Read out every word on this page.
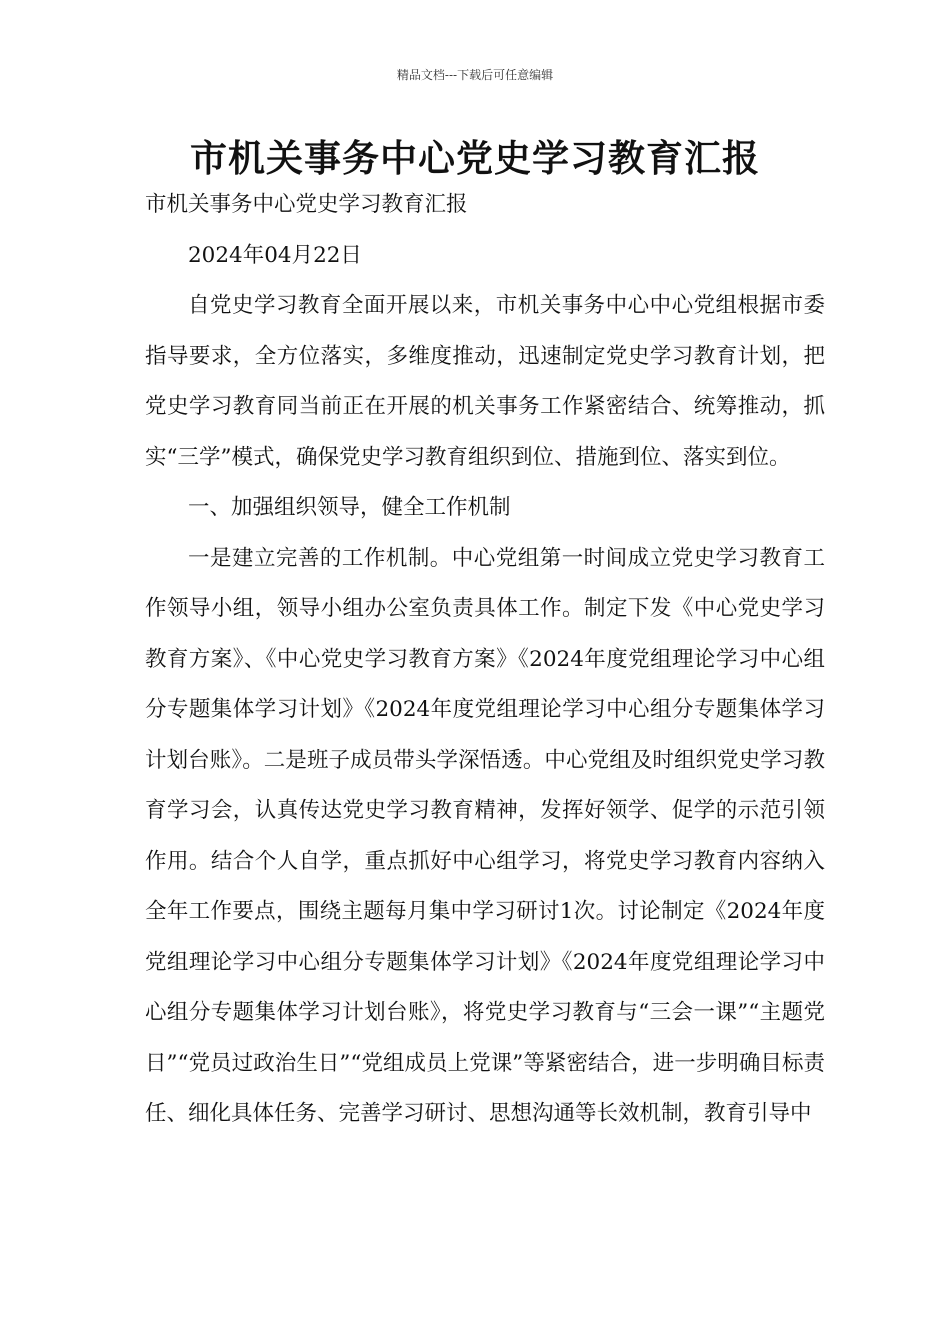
精品文档---下载后可任意编辑
市机关事务中心党史学习教育汇报

市机关事务中心党史学习教育汇报

2024年04月22日

自党史学习教育全面开展以来，市机关事务中心中心党组根据市委指导要求，全方位落实，多维度推动，迅速制定党史学习教育计划，把党史学习教育同当前正在开展的机关事务工作紧密结合、统筹推动，抓实“三学”模式，确保党史学习教育组织到位、措施到位、落实到位。

一、加强组织领导，健全工作机制

一是建立完善的工作机制。中心党组第一时间成立党史学习教育工作领导小组，领导小组办公室负责具体工作。制定下发《中心党史学习教育方案》、《中心党史学习教育方案》《2024年度党组理论学习中心组分专题集体学习计划》《2024年度党组理论学习中心组分专题集体学习计划台账》。二是班子成员带头学深悟透。中心党组及时组织党史学习教育学习会，认真传达党史学习教育精神，发挥好领学、促学的示范引领作用。结合个人自学，重点抓好中心组学习，将党史学习教育内容纳入全年工作要点，围绕主题每月集中学习研讨1次。讨论制定《2024年度党组理论学习中心组分专题集体学习计划》《2024年度党组理论学习中心组分专题集体学习计划台账》，将党史学习教育与“三会一课”“主题党日”“党员过政治生日”“党组成员上党课”等紧密结合，进一步明确目标责任、细化具体任务、完善学习研讨、思想沟通等长效机制，教育引导中
